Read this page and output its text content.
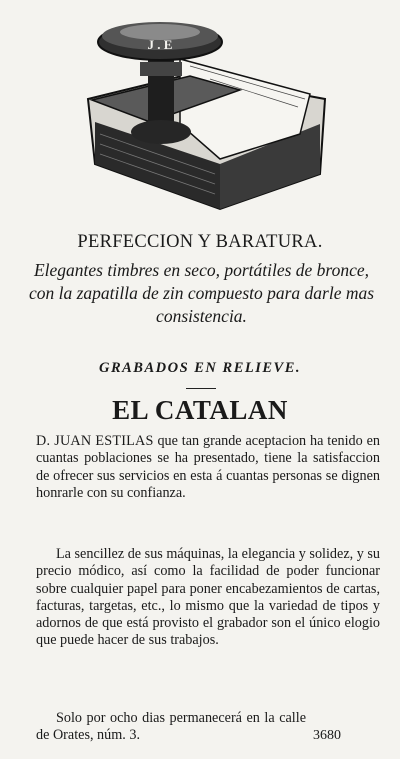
J . E
PERFECCION Y BARATURA.
Elegantes timbres en seco, portátiles de bronce, con la zapatilla de zin compuesto para darle mas consistencia.
GRABADOS EN RELIEVE.
EL CATALAN
D. JUAN ESTILAS que tan grande aceptacion ha tenido en cuantas poblaciones se ha presentado, tiene la satisfaccion de ofrecer sus servicios en esta á cuantas personas se dignen honrarle con su confianza.
La sencillez de sus máquinas, la elegancia y solidez, y su precio módico, así como la facilidad de poder funcionar sobre cualquier papel para poner encabezamientos de cartas, facturas, targetas, etc., lo mismo que la variedad de tipos y adornos de que está provisto el grabador son el único elogio que puede hacer de sus trabajos.
Solo por ocho dias permanecerá en la calle de Orates, núm. 3.	3680
